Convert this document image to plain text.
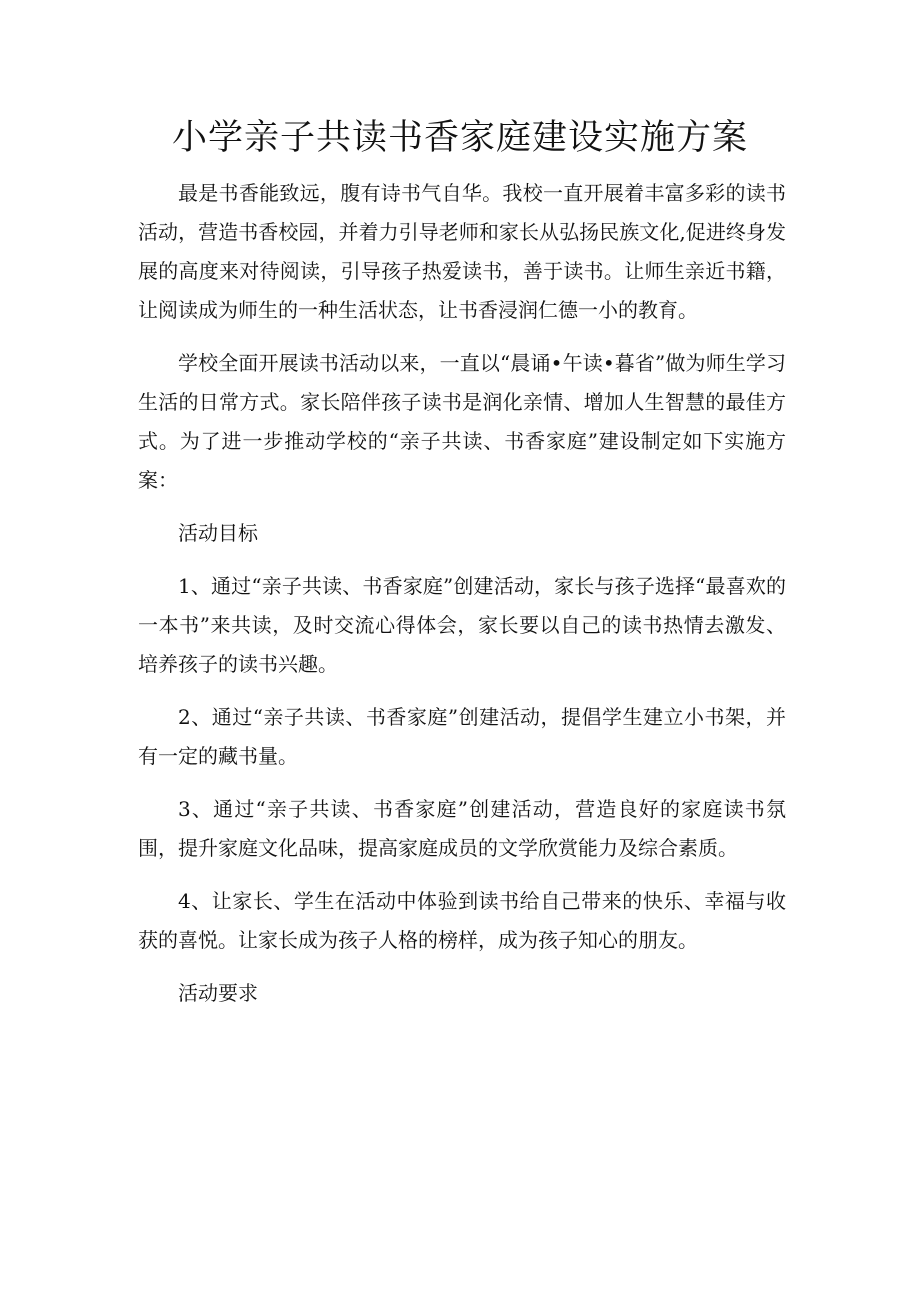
小学亲子共读书香家庭建设实施方案

最是书香能致远，腹有诗书气自华。我校一直开展着丰富多彩的读书活动，营造书香校园，并着力引导老师和家长从弘扬民族文化,促进终身发展的高度来对待阅读，引导孩子热爱读书，善于读书。让师生亲近书籍，让阅读成为师生的一种生活状态，让书香浸润仁德一小的教育。

学校全面开展读书活动以来，一直以“晨诵•午读•暮省”做为师生学习生活的日常方式。家长陪伴孩子读书是润化亲情、增加人生智慧的最佳方式。为了进一步推动学校的“亲子共读、书香家庭”建设制定如下实施方案：

活动目标

1、通过“亲子共读、书香家庭”创建活动，家长与孩子选择“最喜欢的一本书”来共读，及时交流心得体会，家长要以自己的读书热情去激发、培养孩子的读书兴趣。

2、通过“亲子共读、书香家庭”创建活动，提倡学生建立小书架，并有一定的藏书量。

3、通过“亲子共读、书香家庭”创建活动，营造良好的家庭读书氛围，提升家庭文化品味，提高家庭成员的文学欣赏能力及综合素质。

4、让家长、学生在活动中体验到读书给自己带来的快乐、幸福与收获的喜悦。让家长成为孩子人格的榜样，成为孩子知心的朋友。

活动要求
